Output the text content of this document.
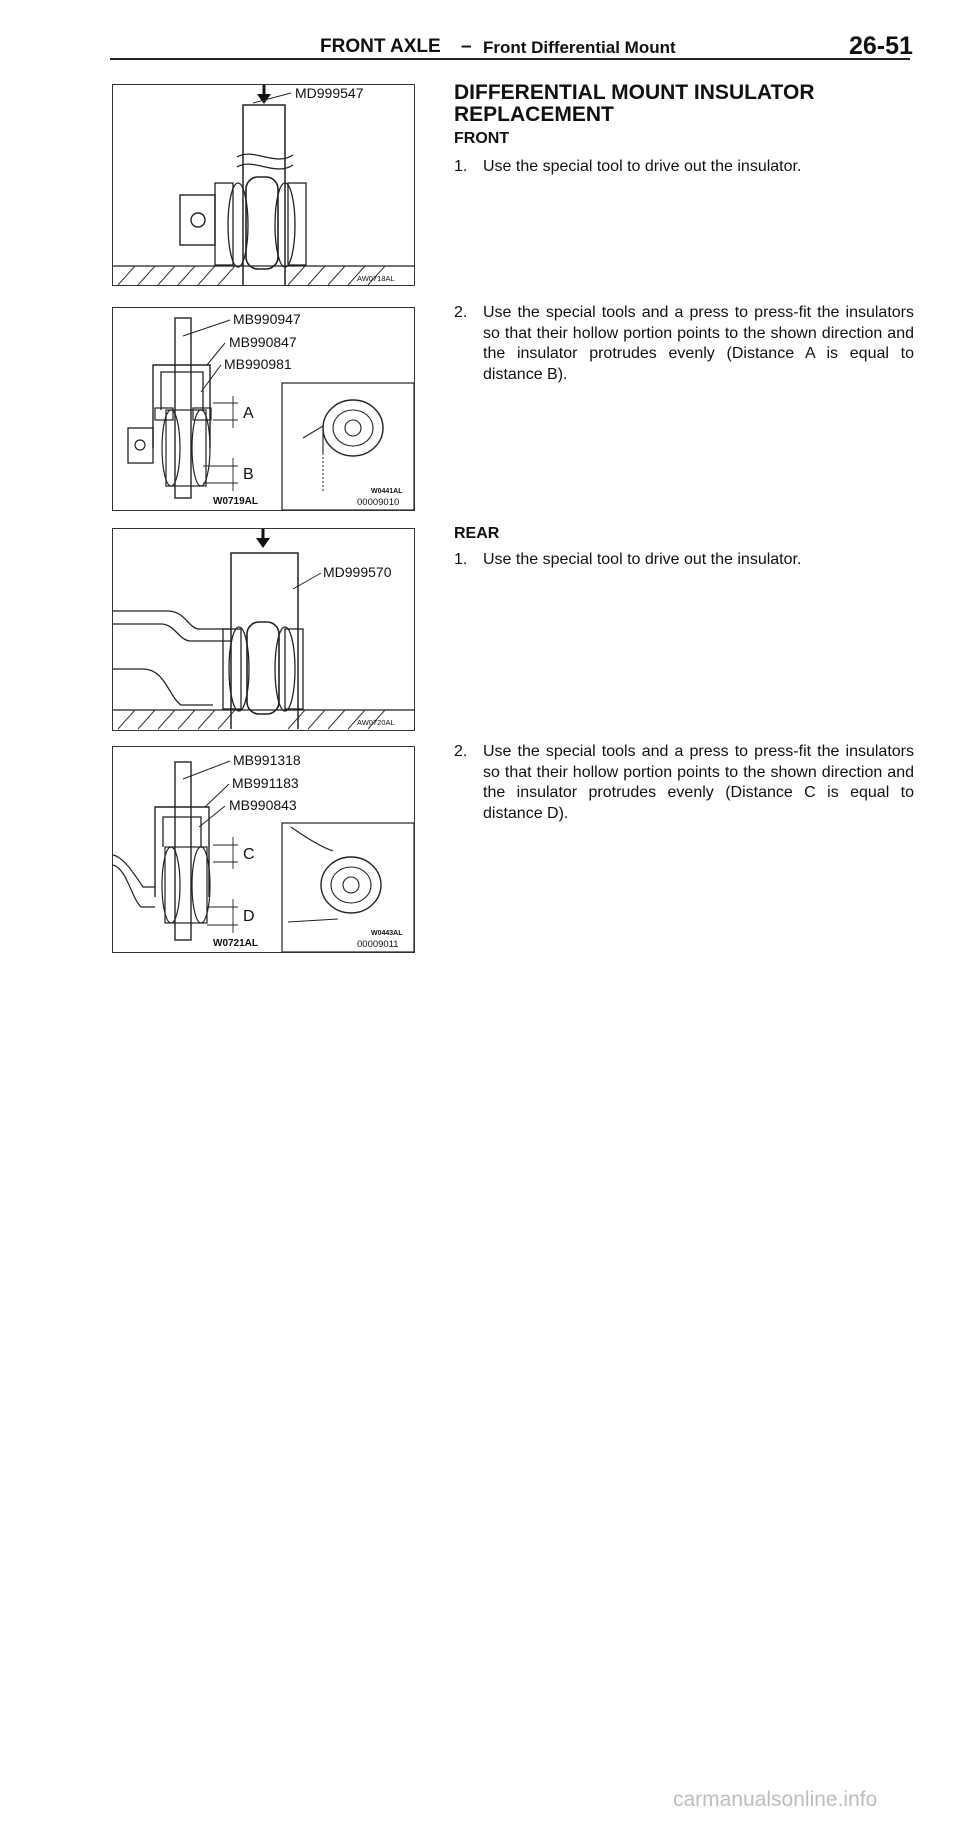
FRONT AXLE – Front Differential Mount	26-51
MD999547
AW0718AL
A
B
MB990947
MB990847
MB990981
W0719AL
W0441AL
00009010
MD999570
AW0720AL
C
D
MB991318
MB991183
MB990843
W0721AL
W0443AL
00009011
DIFFERENTIAL MOUNT INSULATOR REPLACEMENT
FRONT
1. Use the special tool to drive out the insulator.
2. Use the special tools and a press to press-fit the insulators so that their hollow portion points to the shown direction and the insulator protrudes evenly (Distance A is equal to distance B).
REAR
1. Use the special tool to drive out the insulator.
2. Use the special tools and a press to press-fit the insulators so that their hollow portion points to the shown direction and the insulator protrudes evenly (Distance C is equal to distance D).
carmanualsonline.info
